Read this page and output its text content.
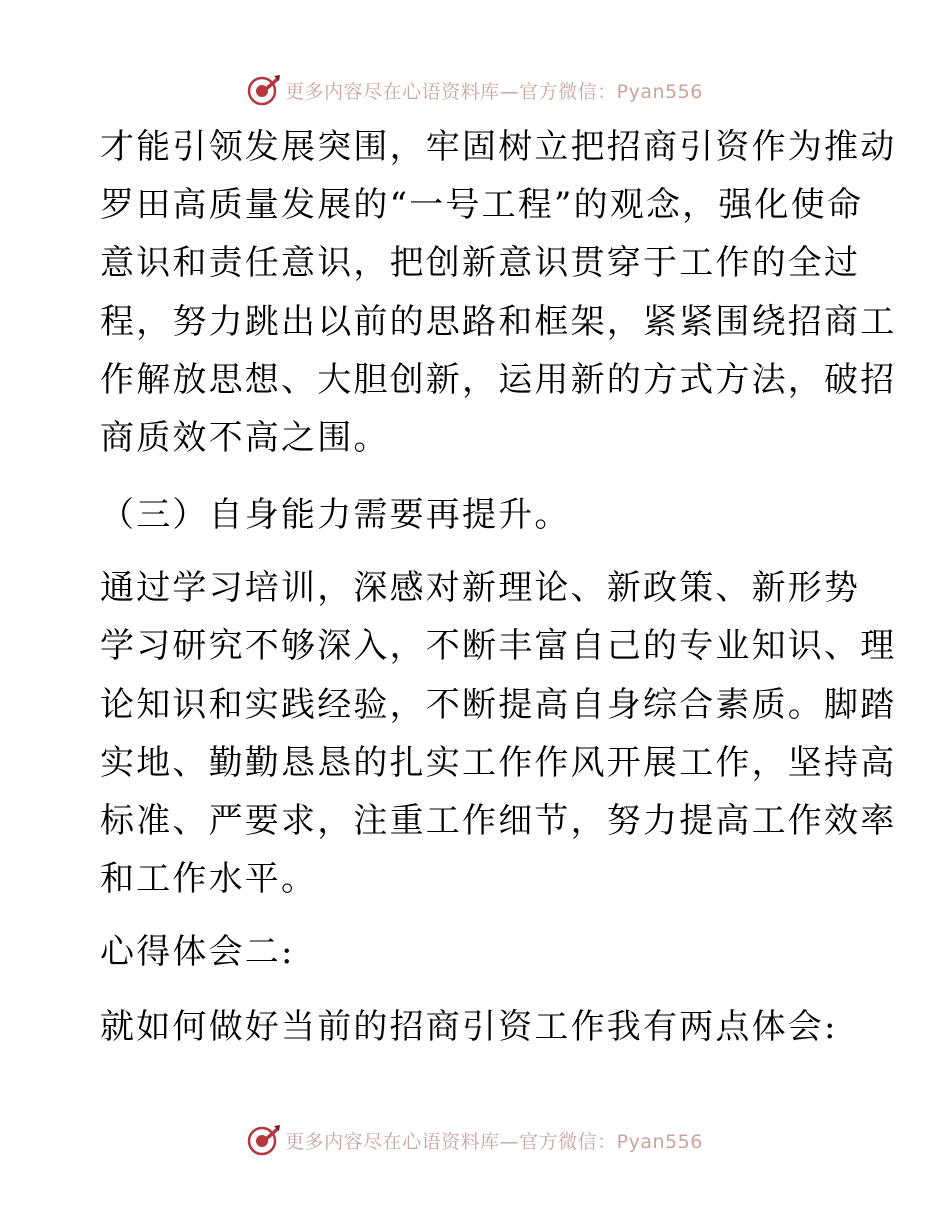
更多内容尽在心语资料库—官方微信：Pyan556
才能引领发展突围，牢固树立把招商引资作为推动
罗田高质量发展的“一号工程”的观念，强化使命
意识和责任意识，把创新意识贯穿于工作的全过
程，努力跳出以前的思路和框架，紧紧围绕招商工
作解放思想、大胆创新，运用新的方式方法，破招
商质效不高之围。
（三）自身能力需要再提升。
通过学习培训，深感对新理论、新政策、新形势
学习研究不够深入，不断丰富自己的专业知识、理
论知识和实践经验，不断提高自身综合素质。脚踏
实地、勤勤恳恳的扎实工作作风开展工作，坚持高
标准、严要求，注重工作细节，努力提高工作效率
和工作水平。
心得体会二:
就如何做好当前的招商引资工作我有两点体会:
更多内容尽在心语资料库—官方微信：Pyan556
